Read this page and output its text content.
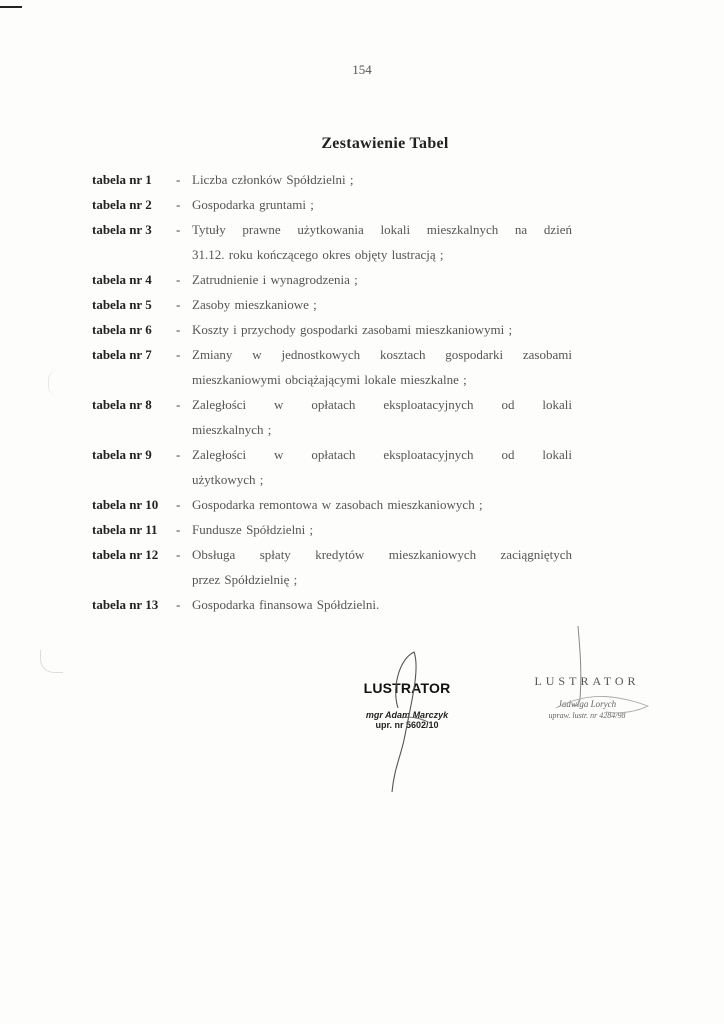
154
Zestawienie Tabel
tabela nr 1	- Liczba członków Spółdzielni ;
tabela nr 2	- Gospodarka gruntami ;
tabela nr 3	- Tytuły prawne użytkowania lokali mieszkalnych na dzień
31.12. roku kończącego okres objęty lustracją ;
tabela nr 4	- Zatrudnienie i wynagrodzenia ;
tabela nr 5	- Zasoby mieszkaniowe ;
tabela nr 6	- Koszty i przychody gospodarki zasobami mieszkaniowymi ;
tabela nr 7	- Zmiany w jednostkowych kosztach gospodarki zasobami
mieszkaniowymi obciążającymi lokale mieszkalne ;
tabela nr 8	- Zaległości w opłatach eksploatacyjnych od lokali
mieszkalnych ;
tabela nr 9	- Zaległości w opłatach eksploatacyjnych od lokali
użytkowych ;
tabela nr 10	- Gospodarka remontowa w zasobach mieszkaniowych ;
tabela nr 11	- Fundusze Spółdzielni ;
tabela nr 12	- Obsługa spłaty kredytów mieszkaniowych zaciągniętych
przez Spółdzielnię ;
tabela nr 13	- Gospodarka finansowa Spółdzielni.
LUSTRATOR
mgr Adam Marczyk
upr. nr 5602/10
LUSTRATOR
Jadwiga Lorych
upraw. lustr. nr 4284/98
